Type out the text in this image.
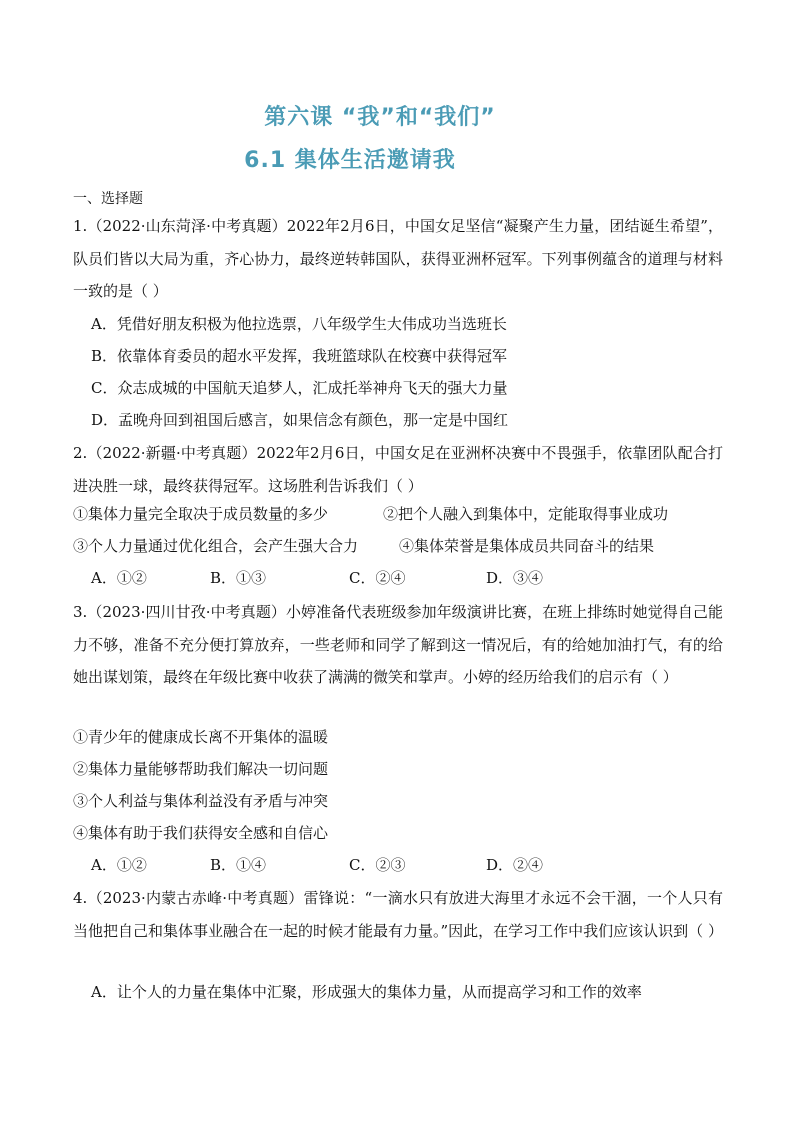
第六课 “我”和“我们”
6.1 集体生活邀请我
一、选择题
1.（2022·山东菏泽·中考真题）2022年2月6日，中国女足坚信“凝聚产生力量，团结诞生希望”，队员们皆以大局为重，齐心协力，最终逆转韩国队，获得亚洲杯冠军。下列事例蕴含的道理与材料一致的是（ ）
A．凭借好朋友积极为他拉选票，八年级学生大伟成功当选班长
B．依靠体育委员的超水平发挥，我班篮球队在校赛中获得冠军
C．众志成城的中国航天追梦人，汇成托举神舟飞天的强大力量
D．孟晚舟回到祖国后感言，如果信念有颜色，那一定是中国红
2.（2022·新疆·中考真题）2022年2月6日，中国女足在亚洲杯决赛中不畏强手，依靠团队配合打进决胜一球，最终获得冠军。这场胜利告诉我们（ ）
①集体力量完全取决于成员数量的多少	②把个人融入到集体中，定能取得事业成功
③个人力量通过优化组合，会产生强大合力	④集体荣誉是集体成员共同奋斗的结果
A．①②	B．①③	C．②④	D．③④
3.（2023·四川甘孜·中考真题）小婷准备代表班级参加年级演讲比赛，在班上排练时她觉得自己能力不够，准备不充分便打算放弃，一些老师和同学了解到这一情况后，有的给她加油打气，有的给她出谋划策，最终在年级比赛中收获了满满的微笑和掌声。小婷的经历给我们的启示有（ ）
①青少年的健康成长离不开集体的温暖
②集体力量能够帮助我们解决一切问题
③个人利益与集体利益没有矛盾与冲突
④集体有助于我们获得安全感和自信心
A．①②	B．①④	C．②③	D．②④
4.（2023·内蒙古赤峰·中考真题）雷锋说：“一滴水只有放进大海里才永远不会干涸，一个人只有当他把自己和集体事业融合在一起的时候才能最有力量。”因此，在学习工作中我们应该认识到（ ）
A．让个人的力量在集体中汇聚，形成强大的集体力量，从而提高学习和工作的效率
